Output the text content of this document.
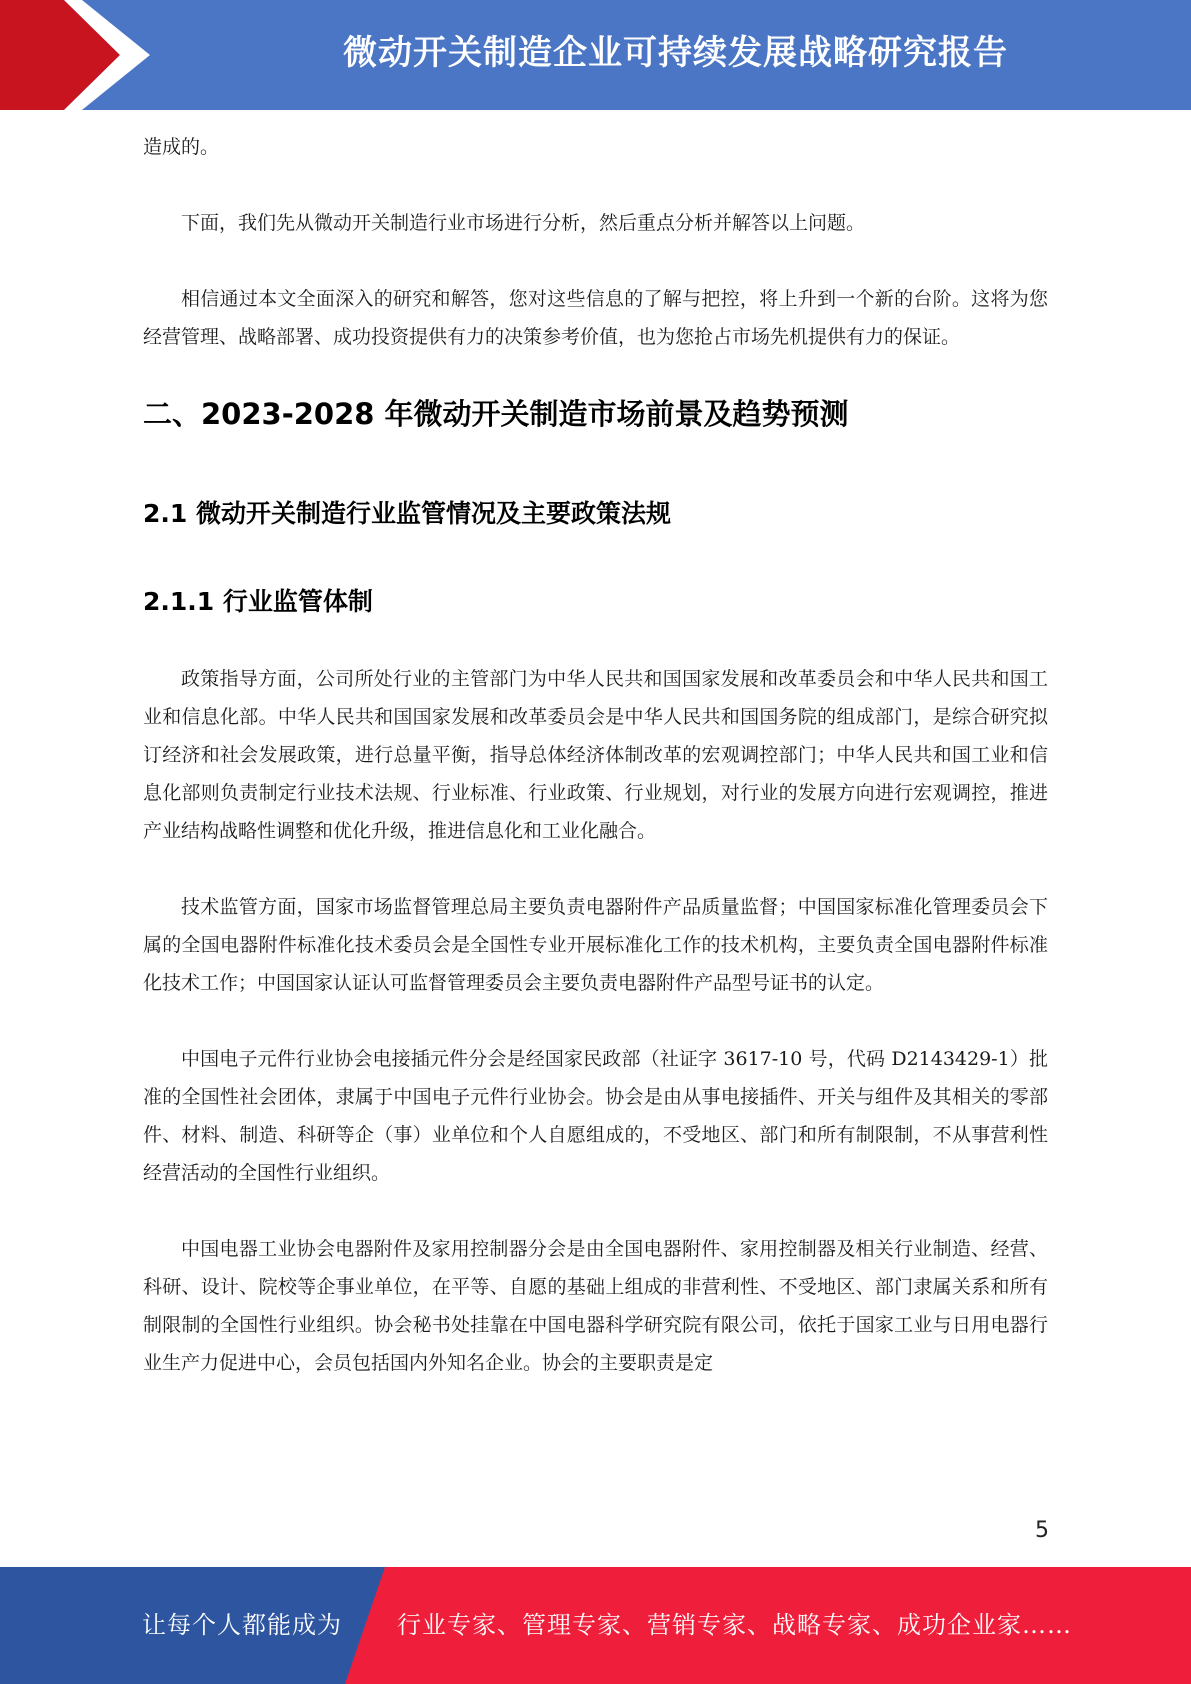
微动开关制造企业可持续发展战略研究报告

造成的。

下面，我们先从微动开关制造行业市场进行分析，然后重点分析并解答以上问题。

相信通过本文全面深入的研究和解答，您对这些信息的了解与把控，将上升到一个新的台阶。这将为您经营管理、战略部署、成功投资提供有力的决策参考价值，也为您抢占市场先机提供有力的保证。

二、2023-2028 年微动开关制造市场前景及趋势预测
2.1 微动开关制造行业监管情况及主要政策法规
2.1.1 行业监管体制

政策指导方面，公司所处行业的主管部门为中华人民共和国国家发展和改革委员会和中华人民共和国工业和信息化部。中华人民共和国国家发展和改革委员会是中华人民共和国国务院的组成部门，是综合研究拟订经济和社会发展政策，进行总量平衡，指导总体经济体制改革的宏观调控部门；中华人民共和国工业和信息化部则负责制定行业技术法规、行业标准、行业政策、行业规划，对行业的发展方向进行宏观调控，推进产业结构战略性调整和优化升级，推进信息化和工业化融合。

技术监管方面，国家市场监督管理总局主要负责电器附件产品质量监督；中国国家标准化管理委员会下属的全国电器附件标准化技术委员会是全国性专业开展标准化工作的技术机构，主要负责全国电器附件标准化技术工作；中国国家认证认可监督管理委员会主要负责电器附件产品型号证书的认定。

中国电子元件行业协会电接插元件分会是经国家民政部（社证字 3617-10 号，代码 D2143429-1）批准的全国性社会团体，隶属于中国电子元件行业协会。协会是由从事电接插件、开关与组件及其相关的零部件、材料、制造、科研等企（事）业单位和个人自愿组成的，不受地区、部门和所有制限制，不从事营利性经营活动的全国性行业组织。

中国电器工业协会电器附件及家用控制器分会是由全国电器附件、家用控制器及相关行业制造、经营、科研、设计、院校等企事业单位，在平等、自愿的基础上组成的非营利性、不受地区、部门隶属关系和所有制限制的全国性行业组织。协会秘书处挂靠在中国电器科学研究院有限公司，依托于国家工业与日用电器行业生产力促进中心，会员包括国内外知名企业。协会的主要职责是定

5
让每个人都能成为 行业专家、管理专家、营销专家、战略专家、成功企业家……
